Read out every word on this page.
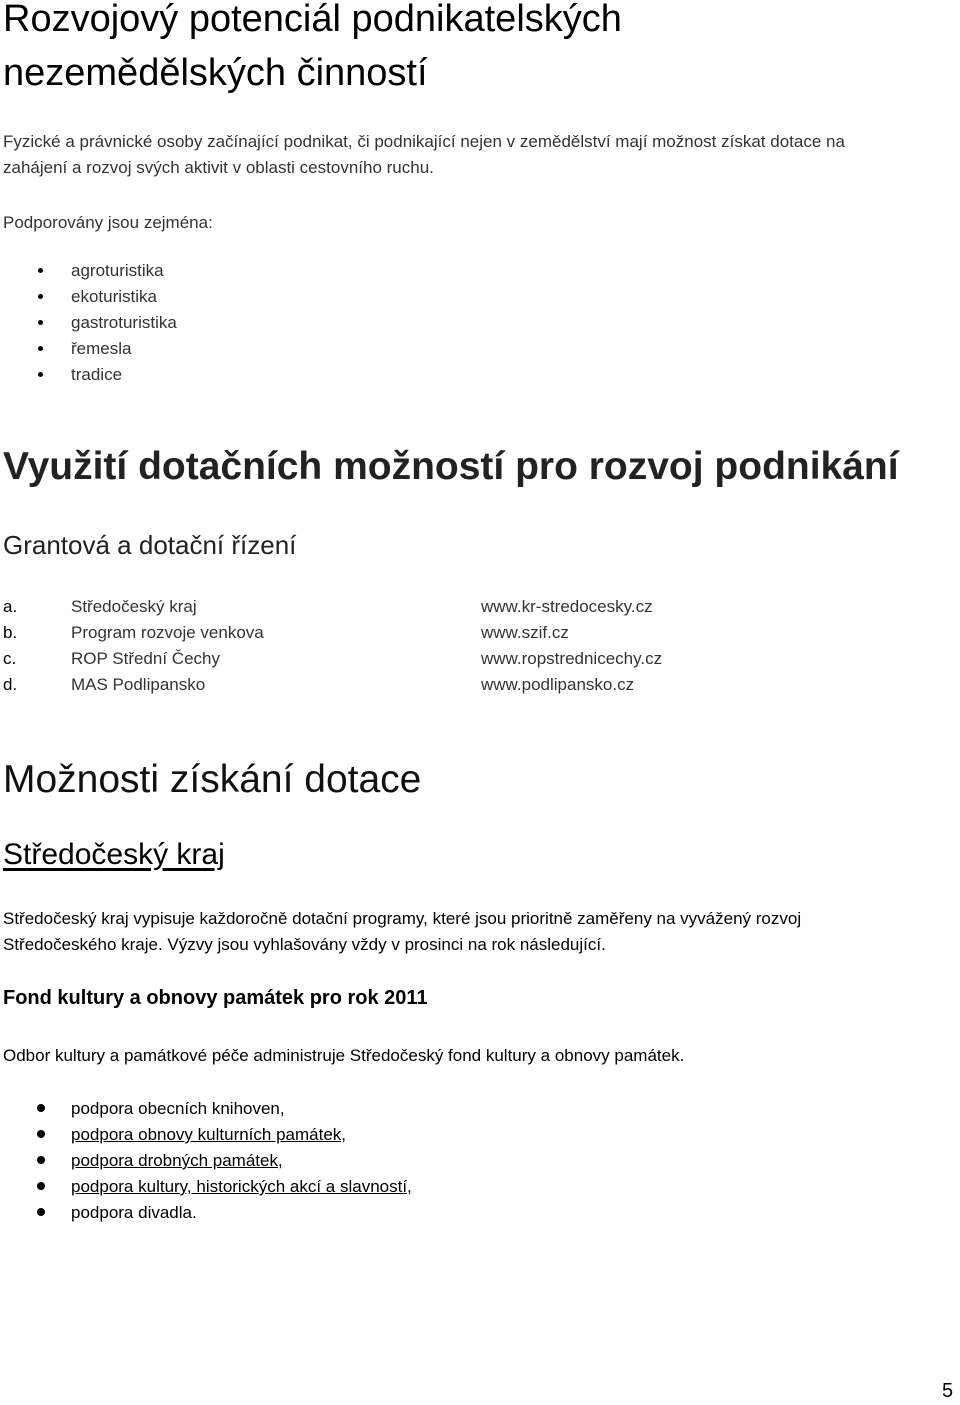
Rozvojový potenciál podnikatelských
nezemědělských činností
Fyzické a právnické osoby začínající podnikat, či podnikající nejen v zemědělství mají možnost získat dotace na
zahájení a rozvoj svých aktivit v oblasti cestovního ruchu.
Podporovány jsou zejména:
agroturistika
ekoturistika
gastroturistika
řemesla
tradice
Využití dotačních možností pro rozvoj podnikání
Grantová a dotační řízení
a.	Středočeský kraj	www.kr-stredocesky.cz
b.	Program rozvoje venkova	www.szif.cz
c.	ROP Střední Čechy	www.ropstrednicechy.cz
d.	MAS Podlipansko	www.podlipansko.cz
Možnosti získání dotace
Středočeský kraj
Středočeský kraj vypisuje každoročně dotační programy, které jsou prioritně zaměřeny na vyvážený rozvoj
Středočeského kraje. Výzvy jsou vyhlašovány vždy v prosinci na rok následující.
Fond kultury a obnovy památek pro rok 2011
Odbor kultury a památkové péče administruje Středočeský fond kultury a obnovy památek.
podpora obecních knihoven,
podpora obnovy kulturních památek,
podpora drobných památek,
podpora kultury, historických akcí a slavností,
podpora divadla.
5
